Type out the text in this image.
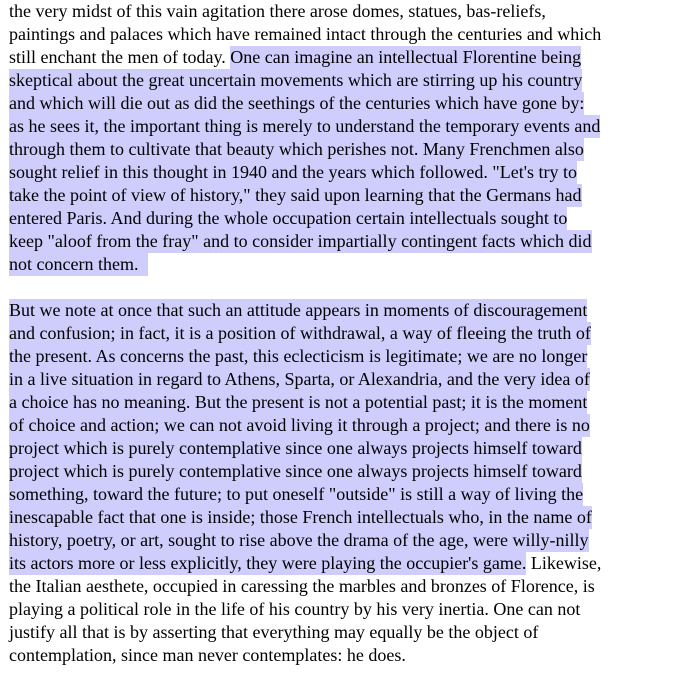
the very midst of this vain agitation there arose domes, statues, bas-reliefs,
paintings and palaces which have remained intact through the centuries and which
still enchant the men of today. One can imagine an intellectual Florentine being
skeptical about the great uncertain movements which are stirring up his country
and which will die out as did the seethings of the centuries which have gone by:
as he sees it, the important thing is merely to understand the temporary events and
through them to cultivate that beauty which perishes not. Many Frenchmen also
sought relief in this thought in 1940 and the years which followed. "Let's try to
take the point of view of history," they said upon learning that the Germans had
entered Paris. And during the whole occupation certain intellectuals sought to
keep "aloof from the fray" and to consider impartially contingent facts which did
not concern them.
But we note at once that such an attitude appears in moments of discouragement
and confusion; in fact, it is a position of withdrawal, a way of fleeing the truth of
the present. As concerns the past, this eclecticism is legitimate; we are no longer
in a live situation in regard to Athens, Sparta, or Alexandria, and the very idea of
a choice has no meaning. But the present is not a potential past; it is the moment
of choice and action; we can not avoid living it through a project; and there is no
project which is purely contemplative since one always projects himself toward
project which is purely contemplative since one always projects himself toward
something, toward the future; to put oneself "outside" is still a way of living the
inescapable fact that one is inside; those French intellectuals who, in the name of
history, poetry, or art, sought to rise above the drama of the age, were willy-nilly
its actors more or less explicitly, they were playing the occupier's game. Likewise,
the Italian aesthete, occupied in caressing the marbles and bronzes of Florence, is
playing a political role in the life of his country by his very inertia. One can not
justify all that is by asserting that everything may equally be the object of
contemplation, since man never contemplates: he does.
